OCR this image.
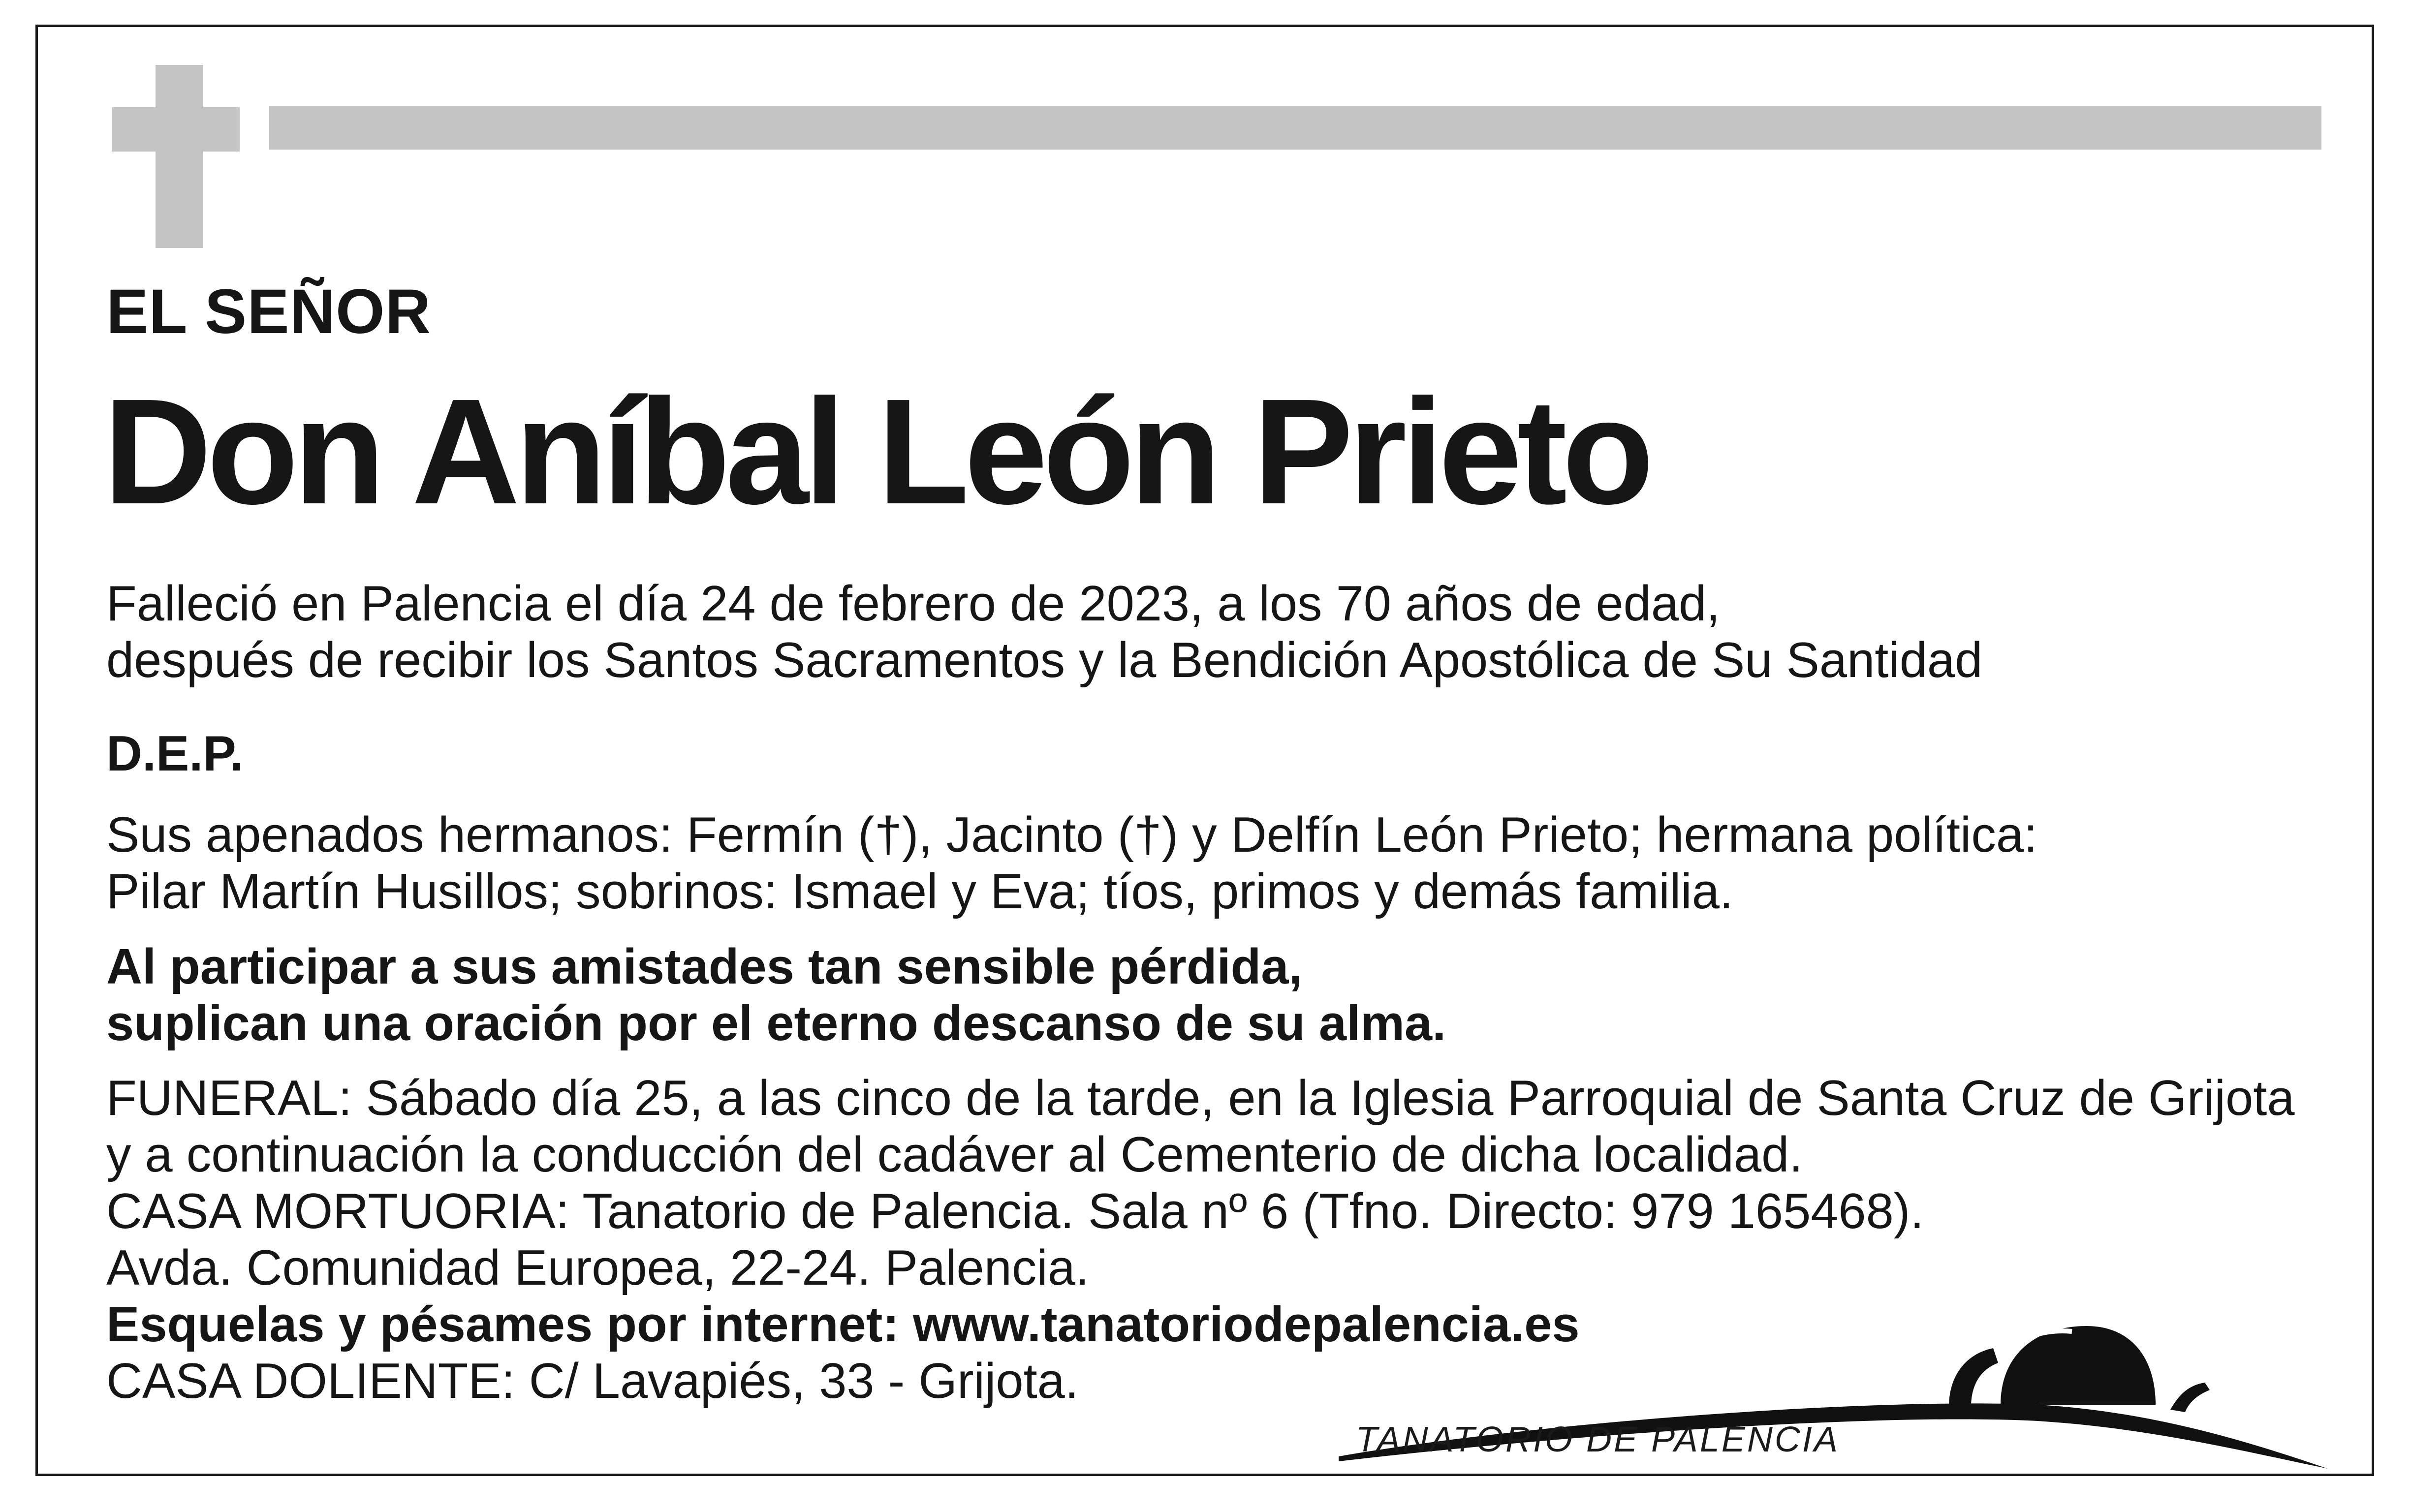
EL SEÑOR
Don Aníbal León Prieto
Falleció en Palencia el día 24 de febrero de 2023, a los 70 años de edad,
después de recibir los Santos Sacramentos y la Bendición Apostólica de Su Santidad
D.E.P.
Sus apenados hermanos: Fermín (†), Jacinto (†) y Delfín León Prieto; hermana política:
Pilar Martín Husillos; sobrinos: Ismael y Eva; tíos, primos y demás familia.
Al participar a sus amistades tan sensible pérdida,
suplican una oración por el eterno descanso de su alma.
FUNERAL: Sábado día 25, a las cinco de la tarde, en la Iglesia Parroquial de Santa Cruz de Grijota
y a continuación la conducción del cadáver al Cementerio de dicha localidad.
CASA MORTUORIA: Tanatorio de Palencia. Sala nº 6 (Tfno. Directo: 979 165468).
Avda. Comunidad Europea, 22-24. Palencia.
Esquelas y pésames por internet: www.tanatoriodepalencia.es
CASA DOLIENTE: C/ Lavapiés, 33 - Grijota.
TANATORIO DE PALENCIA
